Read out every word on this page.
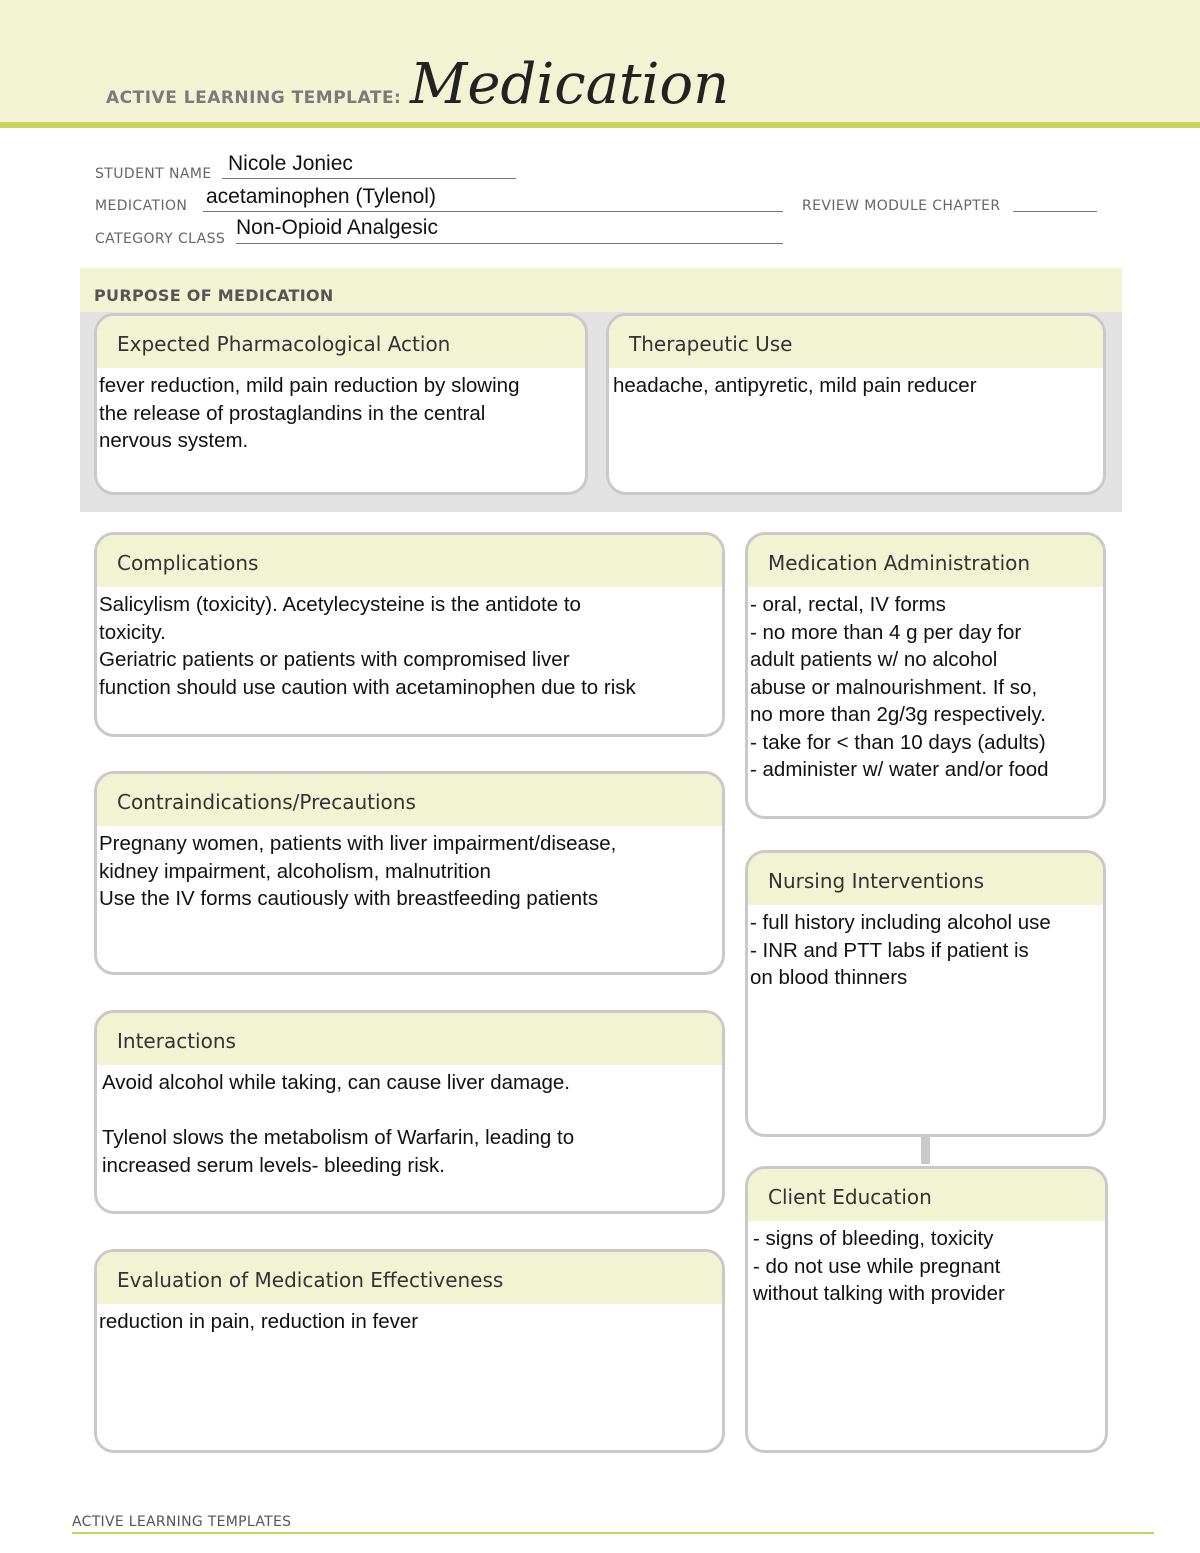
ACTIVE LEARNING TEMPLATE: Medication
STUDENT NAME Nicole Joniec
MEDICATION acetaminophen (Tylenol)	REVIEW MODULE CHAPTER
CATEGORY CLASS Non-Opioid Analgesic
PURPOSE OF MEDICATION
Expected Pharmacological Action
fever reduction, mild pain reduction by slowing
the release of prostaglandins in the central
nervous system.
Therapeutic Use
headache, antipyretic, mild pain reducer
Complications
Salicylism (toxicity). Acetylecysteine is the antidote to
toxicity.
Geriatric patients or patients with compromised liver
function should use caution with acetaminophen due to risk
Contraindications/Precautions
Pregnany women, patients with liver impairment/disease,
kidney impairment, alcoholism, malnutrition
Use the IV forms cautiously with breastfeeding patients
Interactions
Avoid alcohol while taking, can cause liver damage.

Tylenol slows the metabolism of Warfarin, leading to
increased serum levels- bleeding risk.
Evaluation of Medication Effectiveness
reduction in pain, reduction in fever
Medication Administration
- oral, rectal, IV forms
- no more than 4 g per day for
adult patients w/ no alcohol
abuse or malnourishment. If so,
no more than 2g/3g respectively.
- take for < than 10 days (adults)
- administer w/ water and/or food
Nursing Interventions
- full history including alcohol use
- INR and PTT labs if patient is
on blood thinners
Client Education
- signs of bleeding, toxicity
- do not use while pregnant
without talking with provider
ACTIVE LEARNING TEMPLATES
